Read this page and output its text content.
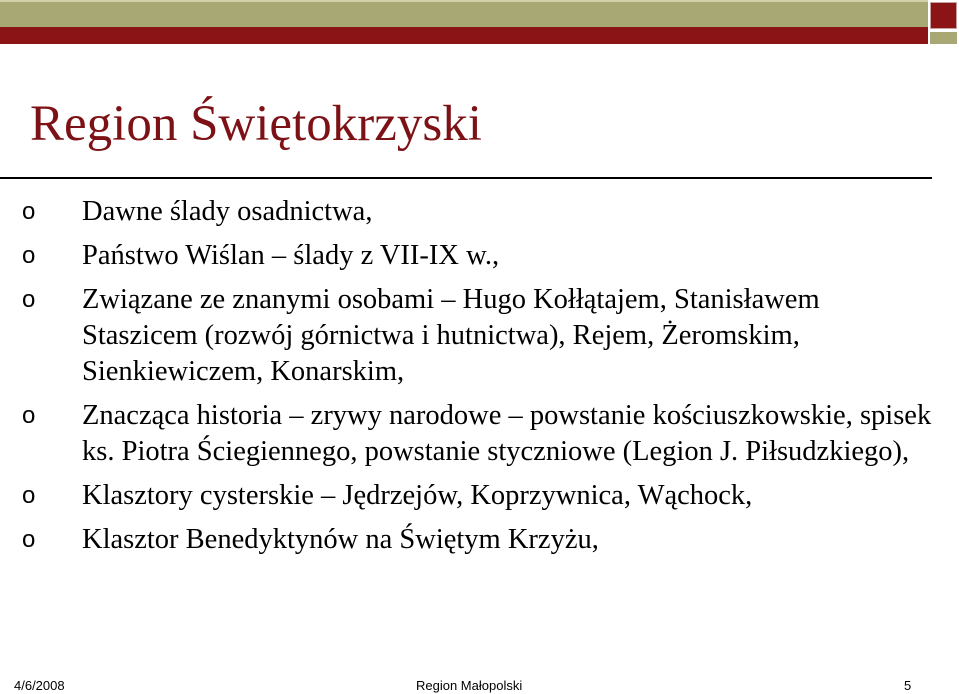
Region Świętokrzyski
o Dawne ślady osadnictwa,
o Państwo Wiślan – ślady z VII-IX w.,
o Związane ze znanymi osobami – Hugo Kołłątajem, Stanisławem Staszicem (rozwój górnictwa i hutnictwa), Rejem, Żeromskim, Sienkiewiczem, Konarskim,
o Znacząca historia – zrywy narodowe – powstanie kościuszkowskie, spisek ks. Piotra Ściegiennego, powstanie styczniowe (Legion J. Piłsudzkiego),
o Klasztory cysterskie – Jędrzejów, Koprzywnica, Wąchock,
o Klasztor Benedyktynów na Świętym Krzyżu,
4/6/2008	Region Małopolski	5
